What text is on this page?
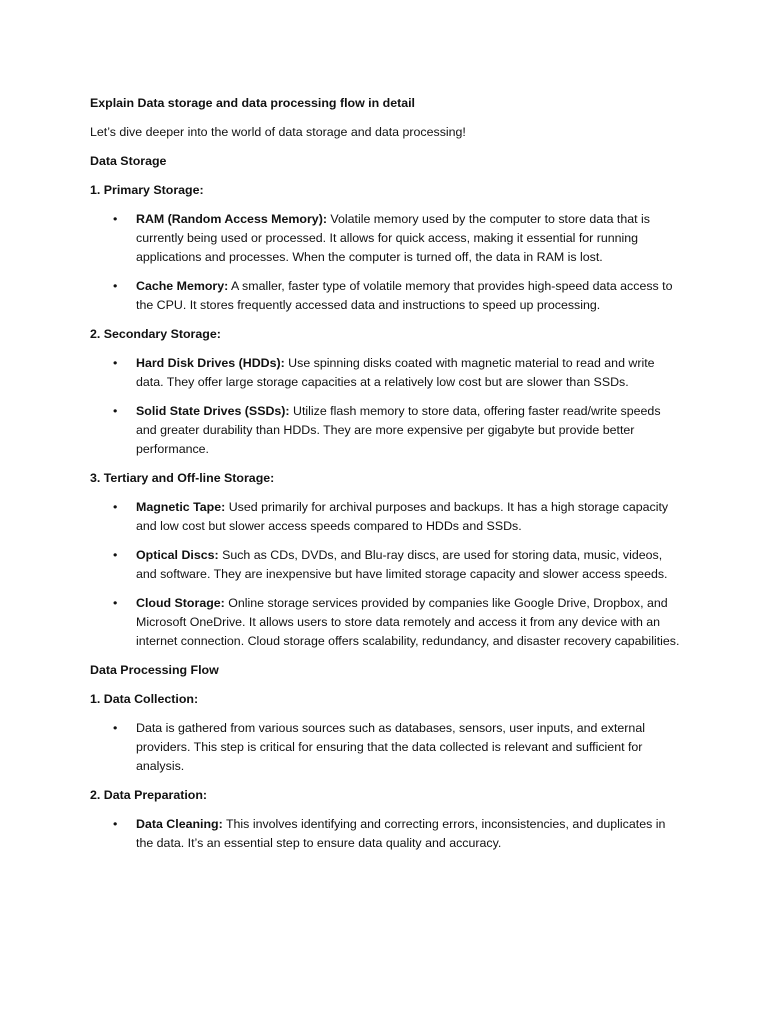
Explain Data storage and data processing flow in detail

Let’s dive deeper into the world of data storage and data processing!

Data Storage

1. Primary Storage:

• RAM (Random Access Memory): Volatile memory used by the computer to store data that is currently being used or processed. It allows for quick access, making it essential for running applications and processes. When the computer is turned off, the data in RAM is lost.
• Cache Memory: A smaller, faster type of volatile memory that provides high-speed data access to the CPU. It stores frequently accessed data and instructions to speed up processing.

2. Secondary Storage:

• Hard Disk Drives (HDDs): Use spinning disks coated with magnetic material to read and write data. They offer large storage capacities at a relatively low cost but are slower than SSDs.
• Solid State Drives (SSDs): Utilize flash memory to store data, offering faster read/write speeds and greater durability than HDDs. They are more expensive per gigabyte but provide better performance.

3. Tertiary and Off-line Storage:

• Magnetic Tape: Used primarily for archival purposes and backups. It has a high storage capacity and low cost but slower access speeds compared to HDDs and SSDs.
• Optical Discs: Such as CDs, DVDs, and Blu-ray discs, are used for storing data, music, videos, and software. They are inexpensive but have limited storage capacity and slower access speeds.
• Cloud Storage: Online storage services provided by companies like Google Drive, Dropbox, and Microsoft OneDrive. It allows users to store data remotely and access it from any device with an internet connection. Cloud storage offers scalability, redundancy, and disaster recovery capabilities.

Data Processing Flow

1. Data Collection:

• Data is gathered from various sources such as databases, sensors, user inputs, and external providers. This step is critical for ensuring that the data collected is relevant and sufficient for analysis.

2. Data Preparation:

• Data Cleaning: This involves identifying and correcting errors, inconsistencies, and duplicates in the data. It’s an essential step to ensure data quality and accuracy.
